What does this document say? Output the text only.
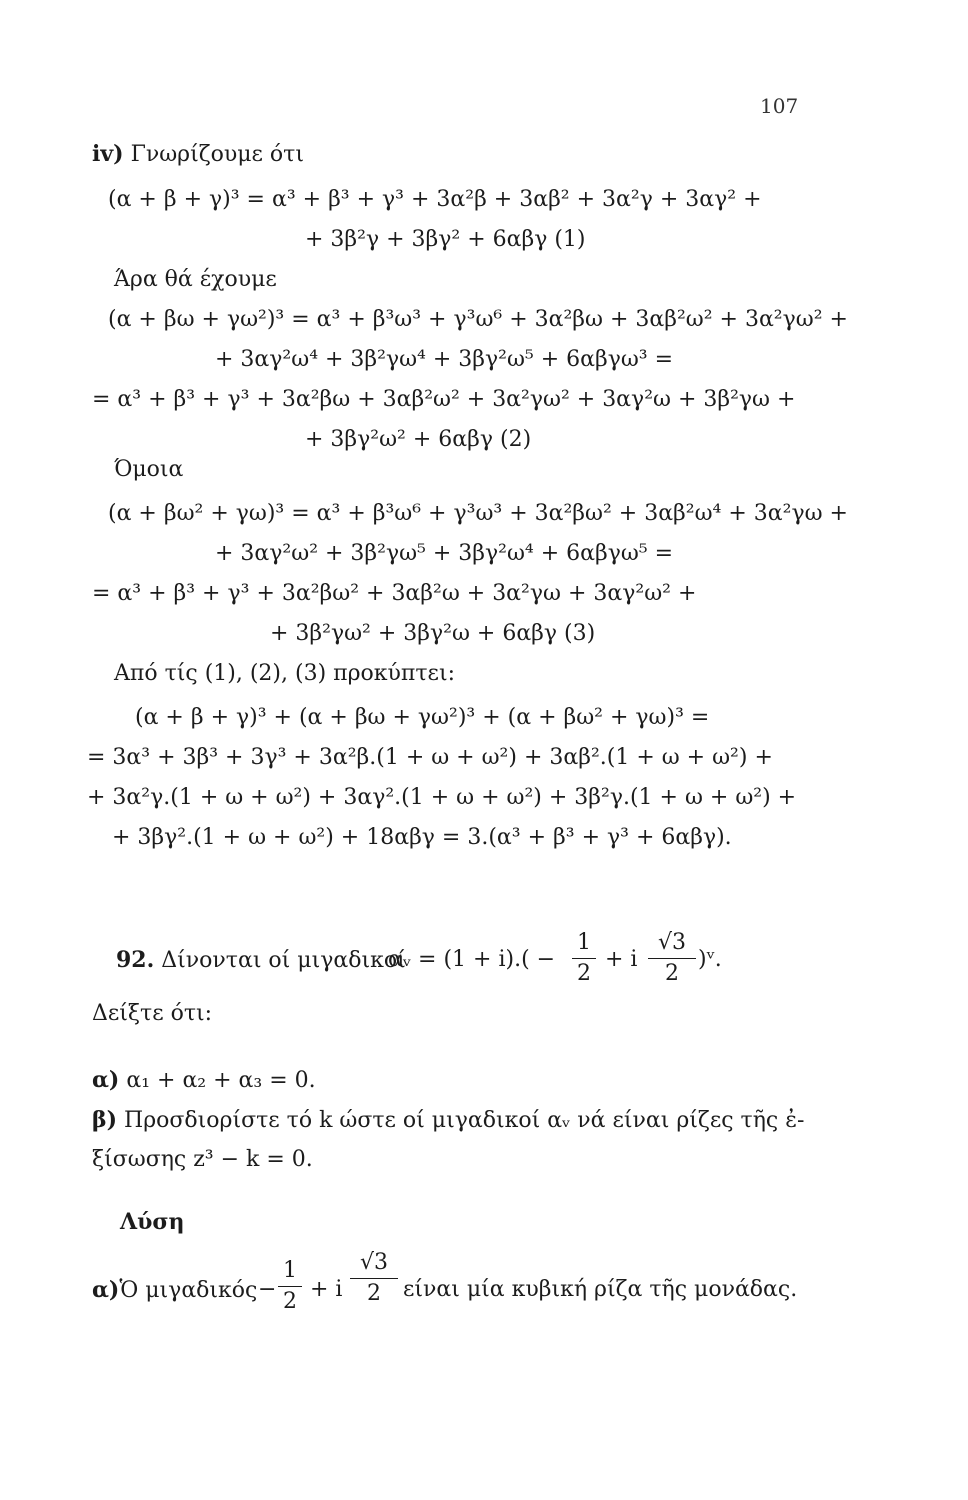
107
iv) Γνωρίζουμε ότι
(α + β + γ)³ = α³ + β³ + γ³ + 3α²β + 3αβ² + 3α²γ + 3αγ² +
+ 3β²γ + 3βγ² + 6αβγ (1)
Άρα θά έχουμε
(α + βω + γω²)³ = α³ + β³ω³ + γ³ω⁶ + 3α²βω + 3αβ²ω² + 3α²γω² +
+ 3αγ²ω⁴ + 3β²γω⁴ + 3βγ²ω⁵ + 6αβγω³ =
= α³ + β³ + γ³ + 3α²βω + 3αβ²ω² + 3α²γω² + 3αγ²ω + 3β²γω +
+ 3βγ²ω² + 6αβγ (2)
Όμοια
(α + βω² + γω)³ = α³ + β³ω⁶ + γ³ω³ + 3α²βω² + 3αβ²ω⁴ + 3α²γω +
+ 3αγ²ω² + 3β²γω⁵ + 3βγ²ω⁴ + 6αβγω⁵ =
= α³ + β³ + γ³ + 3α²βω² + 3αβ²ω + 3α²γω + 3αγ²ω² +
+ 3β²γω² + 3βγ²ω + 6αβγ (3)
Από τίς (1), (2), (3) προκύπτει:
(α + β + γ)³ + (α + βω + γω²)³ + (α + βω² + γω)³ =
= 3α³ + 3β³ + 3γ³ + 3α²β.(1 + ω + ω²) + 3αβ².(1 + ω + ω²) +
+ 3α²γ.(1 + ω + ω²) + 3αγ².(1 + ω + ω²) + 3β²γ.(1 + ω + ω²) +
+ 3βγ².(1 + ω + ω²) + 18αβγ = 3.(α³ + β³ + γ³ + 6αβγ).
92. Δίνονται οί μιγαδικοί
αᵥ = (1 + i).( −
1
2
+ i
√3
2
)ᵛ.
Δείξτε ότι:
α) α₁ + α₂ + α₃ = 0.
β) Προσδιορίστε τό k ώστε οί μιγαδικοί αᵥ νά είναι ρίζες τῆς ἐ-
ξίσωσης z³ − k = 0.
Λύση
α)Ὁ μιγαδικός −
1
2 + i
√3
2	είναι μία κυβική ρίζα τῆς μονάδας.
